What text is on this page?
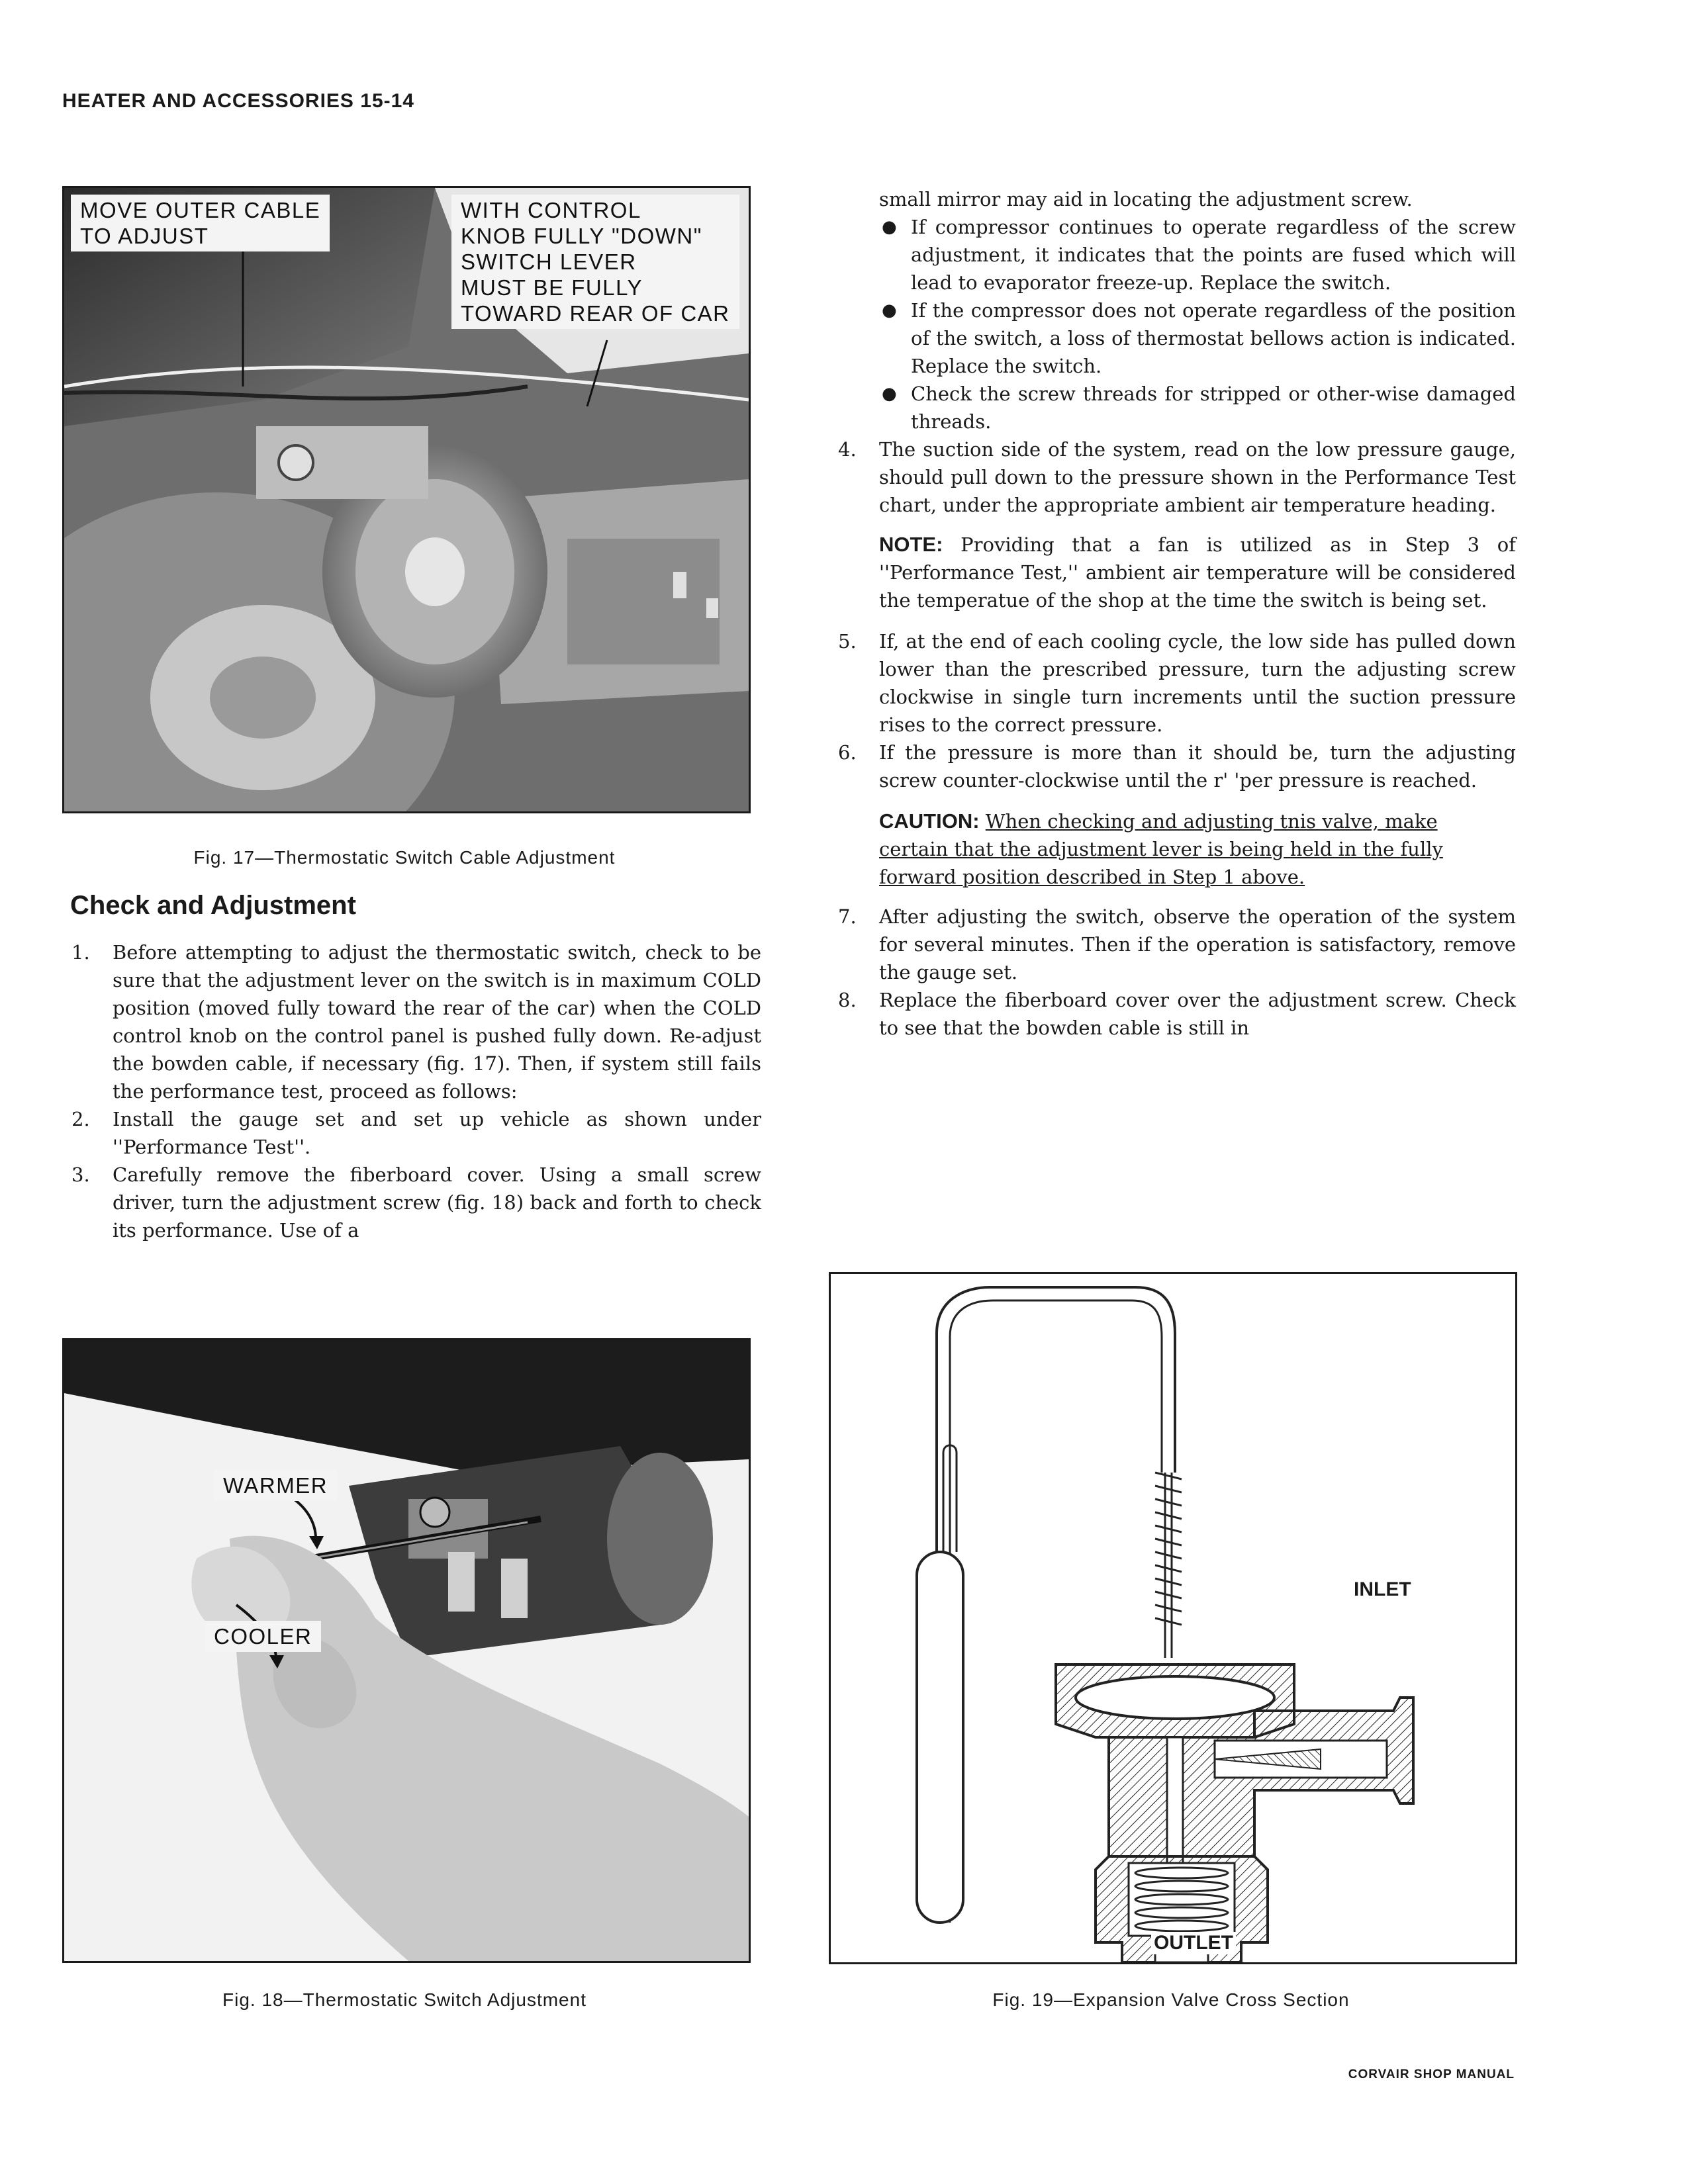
HEATER AND ACCESSORIES 15-14
MOVE OUTER CABLE
TO ADJUST
WITH CONTROL
KNOB FULLY "DOWN"
SWITCH LEVER
MUST BE FULLY
TOWARD REAR OF CAR
Fig. 17—Thermostatic Switch Cable Adjustment
Check and Adjustment
1. Before attempting to adjust the thermostatic switch, check to be sure that the adjustment lever on the switch is in maximum COLD position (moved fully toward the rear of the car) when the COLD control knob on the control panel is pushed fully down. Re-adjust the bowden cable, if necessary (fig. 17). Then, if system still fails the performance test, proceed as follows:
2. Install the gauge set and set up vehicle as shown under ''Performance Test''.
3. Carefully remove the fiberboard cover. Using a small screw driver, turn the adjustment screw (fig. 18) back and forth to check its performance. Use of a
WARMER
COOLER
Fig. 18—Thermostatic Switch Adjustment
small mirror may aid in locating the adjustment screw.
● If compressor continues to operate regardless of the screw adjustment, it indicates that the points are fused which will lead to evaporator freeze-up. Replace the switch.
● If the compressor does not operate regardless of the position of the switch, a loss of thermostat bellows action is indicated. Replace the switch.
● Check the screw threads for stripped or other-wise damaged threads.
4. The suction side of the system, read on the low pressure gauge, should pull down to the pressure shown in the Performance Test chart, under the appropriate ambient air temperature heading.
NOTE: Providing that a fan is utilized as in Step 3 of ''Performance Test,'' ambient air temperature will be considered the temperatue of the shop at the time the switch is being set.
5. If, at the end of each cooling cycle, the low side has pulled down lower than the prescribed pressure, turn the adjusting screw clockwise in single turn increments until the suction pressure rises to the correct pressure.
6. If the pressure is more than it should be, turn the adjusting screw counter-clockwise until the r' 'per pressure is reached.
CAUTION: When checking and adjusting tnis valve, make certain that the adjustment lever is being held in the fully forward position described in Step 1 above.
7. After adjusting the switch, observe the operation of the system for several minutes. Then if the operation is satisfactory, remove the gauge set.
8. Replace the fiberboard cover over the adjustment screw. Check to see that the bowden cable is still in
INLET
OUTLET
Fig. 19—Expansion Valve Cross Section
CORVAIR SHOP MANUAL
